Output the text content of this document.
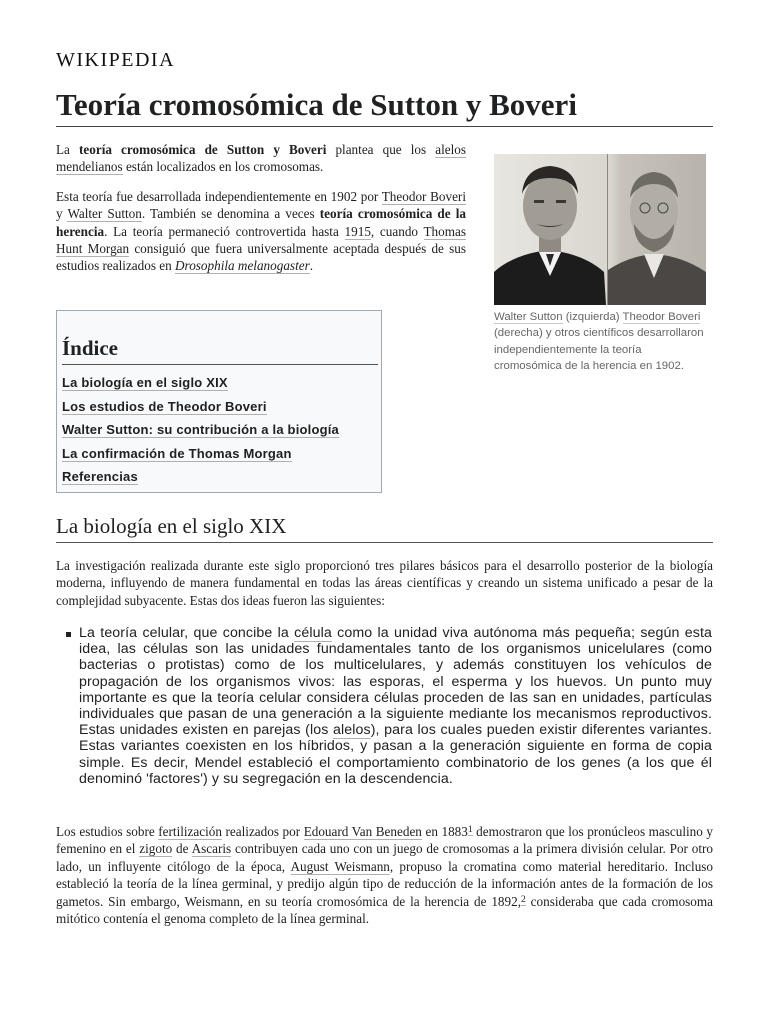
WIKIPEDIA
Teoría cromosómica de Sutton y Boveri

La teoría cromosómica de Sutton y Boveri plantea que los alelos mendelianos están localizados en los cromosomas.

Esta teoría fue desarrollada independientemente en 1902 por Theodor Boveri y Walter Sutton. También se denomina a veces teoría cromosómica de la herencia. La teoría permaneció controvertida hasta 1915, cuando Thomas Hunt Morgan consiguió que fuera universalmente aceptada después de sus estudios realizados en Drosophila melanogaster.

Walter Sutton (izquierda) Theodor Boveri (derecha) y otros científicos desarrollaron independientemente la teoría cromosómica de la herencia en 1902.
Índice
La biología en el siglo XIX
Los estudios de Theodor Boveri
Walter Sutton: su contribución a la biología
La confirmación de Thomas Morgan
Referencias
La biología en el siglo XIX

La investigación realizada durante este siglo proporcionó tres pilares básicos para el desarrollo posterior de la biología moderna, influyendo de manera fundamental en todas las áreas científicas y creando un sistema unificado a pesar de la complejidad subyacente. Estas dos ideas fueron las siguientes:

La teoría celular, que concibe la célula como la unidad viva autónoma más pequeña; según esta idea, las células son las unidades fundamentales tanto de los organismos unicelulares (como bacterias o protistas) como de los multicelulares, y además constituyen los vehículos de propagación de los organismos vivos: las esporas, el esperma y los huevos. Un punto muy importante es que la teoría celular considera células proceden de las san en unidades, partículas individuales que pasan de una generación a la siguiente mediante los mecanismos reproductivos. Estas unidades existen en parejas (los alelos), para los cuales pueden existir diferentes variantes. Estas variantes coexisten en los híbridos, y pasan a la generación siguiente en forma de copia simple. Es decir, Mendel estableció el comportamiento combinatorio de los genes (a los que él denominó 'factores') y su segregación en la descendencia.

Los estudios sobre fertilización realizados por Edouard Van Beneden en 1883$^1$ demostraron que los pronúcleos masculino y femenino en el zigoto de Ascaris contribuyen cada uno con un juego de cromosomas a la primera división celular. Por otro lado, un influyente citólogo de la época, August Weismann, propuso la cromatina como material hereditario. Incluso estableció la teoría de la línea germinal, y predijo algún tipo de reducción de la información antes de la formación de los gametos. Sin embargo, Weismann, en su teoría cromosómica de la herencia de 1892,$^2$ consideraba que cada cromosoma mitótico contenía el genoma completo de la línea germinal.
